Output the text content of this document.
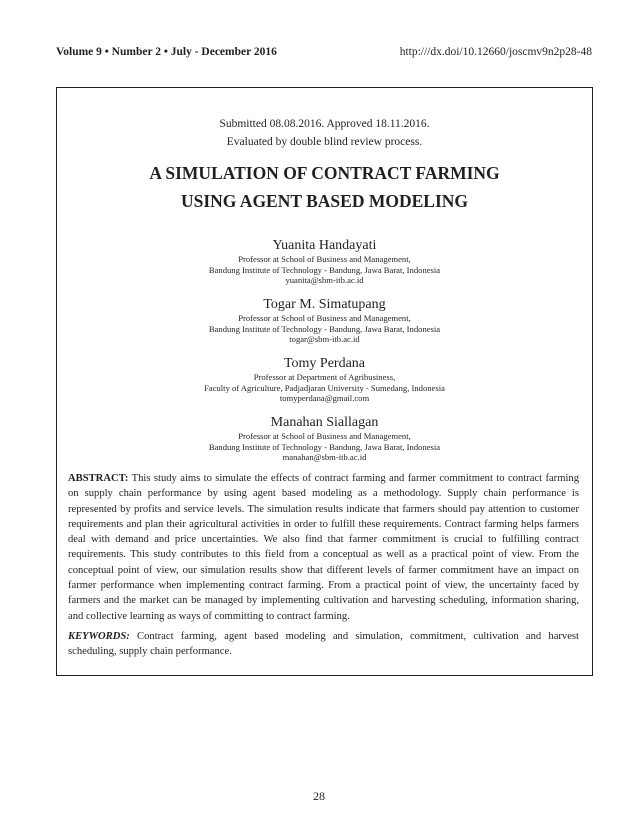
Volume 9 • Number 2 • July - December 2016	http:///dx.doi/10.12660/joscmv9n2p28-48
Submitted 08.08.2016. Approved 18.11.2016.
Evaluated by double blind review process.
A SIMULATION OF CONTRACT FARMING
USING AGENT BASED MODELING
Yuanita Handayati
Professor at School of Business and Management,
Bandung Institute of Technology - Bandung, Jawa Barat, Indonesia
yuanita@sbm-itb.ac.id
Togar M. Simatupang
Professor at School of Business and Management,
Bandung Institute of Technology - Bandung, Jawa Barat, Indonesia
togar@sbm-itb.ac.id
Tomy Perdana
Professor at Department of Agribusiness,
Faculty of Agriculture, Padjadjaran University - Sumedang, Indonesia
tomyperdana@gmail.com
Manahan Siallagan
Professor at School of Business and Management,
Bandung Institute of Technology - Bandung, Jawa Barat, Indonesia
manahan@sbm-itb.ac.id
ABSTRACT: This study aims to simulate the effects of contract farming and farmer commitment to contract farming on supply chain performance by using agent based modeling as a methodology. Supply chain performance is represented by profits and service levels. The simulation results indicate that farmers should pay attention to customer requirements and plan their agricultural activities in order to fulfill these requirements. Contract farming helps farmers deal with demand and price uncertainties. We also find that farmer commitment is crucial to fulfilling contract requirements. This study contributes to this field from a conceptual as well as a practical point of view. From the conceptual point of view, our simulation results show that different levels of farmer commitment have an impact on farmer performance when implementing contract farming. From a practical point of view, the uncertainty faced by farmers and the market can be managed by implementing cultivation and harvesting scheduling, information sharing, and collective learning as ways of committing to contract farming.
KEYWORDS: Contract farming, agent based modeling and simulation, commitment, cultivation and harvest scheduling, supply chain performance.
28
